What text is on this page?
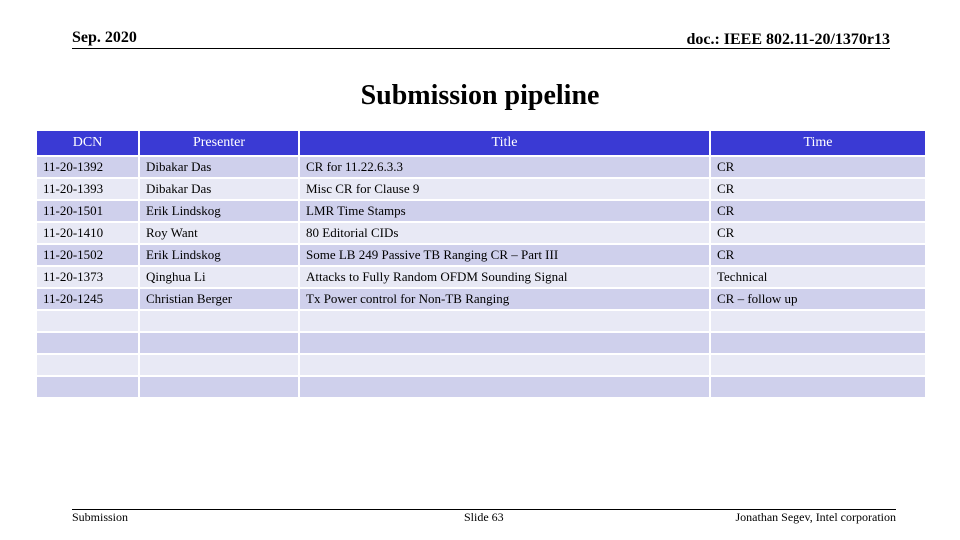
Sep. 2020	doc.: IEEE 802.11-20/1370r13
Submission pipeline
DCN	Presenter	Title	Time
11-20-1392	Dibakar Das	CR for 11.22.6.3.3	CR
11-20-1393	Dibakar Das	Misc CR for Clause 9	CR
11-20-1501	Erik Lindskog	LMR Time Stamps	CR
11-20-1410	Roy Want	80 Editorial CIDs	CR
11-20-1502	Erik Lindskog	Some LB 249 Passive TB Ranging CR – Part III	CR
11-20-1373	Qinghua Li	Attacks to Fully Random OFDM Sounding Signal	Technical
11-20-1245	Christian Berger	Tx Power control for Non-TB Ranging	CR – follow up

Submission	Slide 63	Jonathan Segev, Intel corporation
